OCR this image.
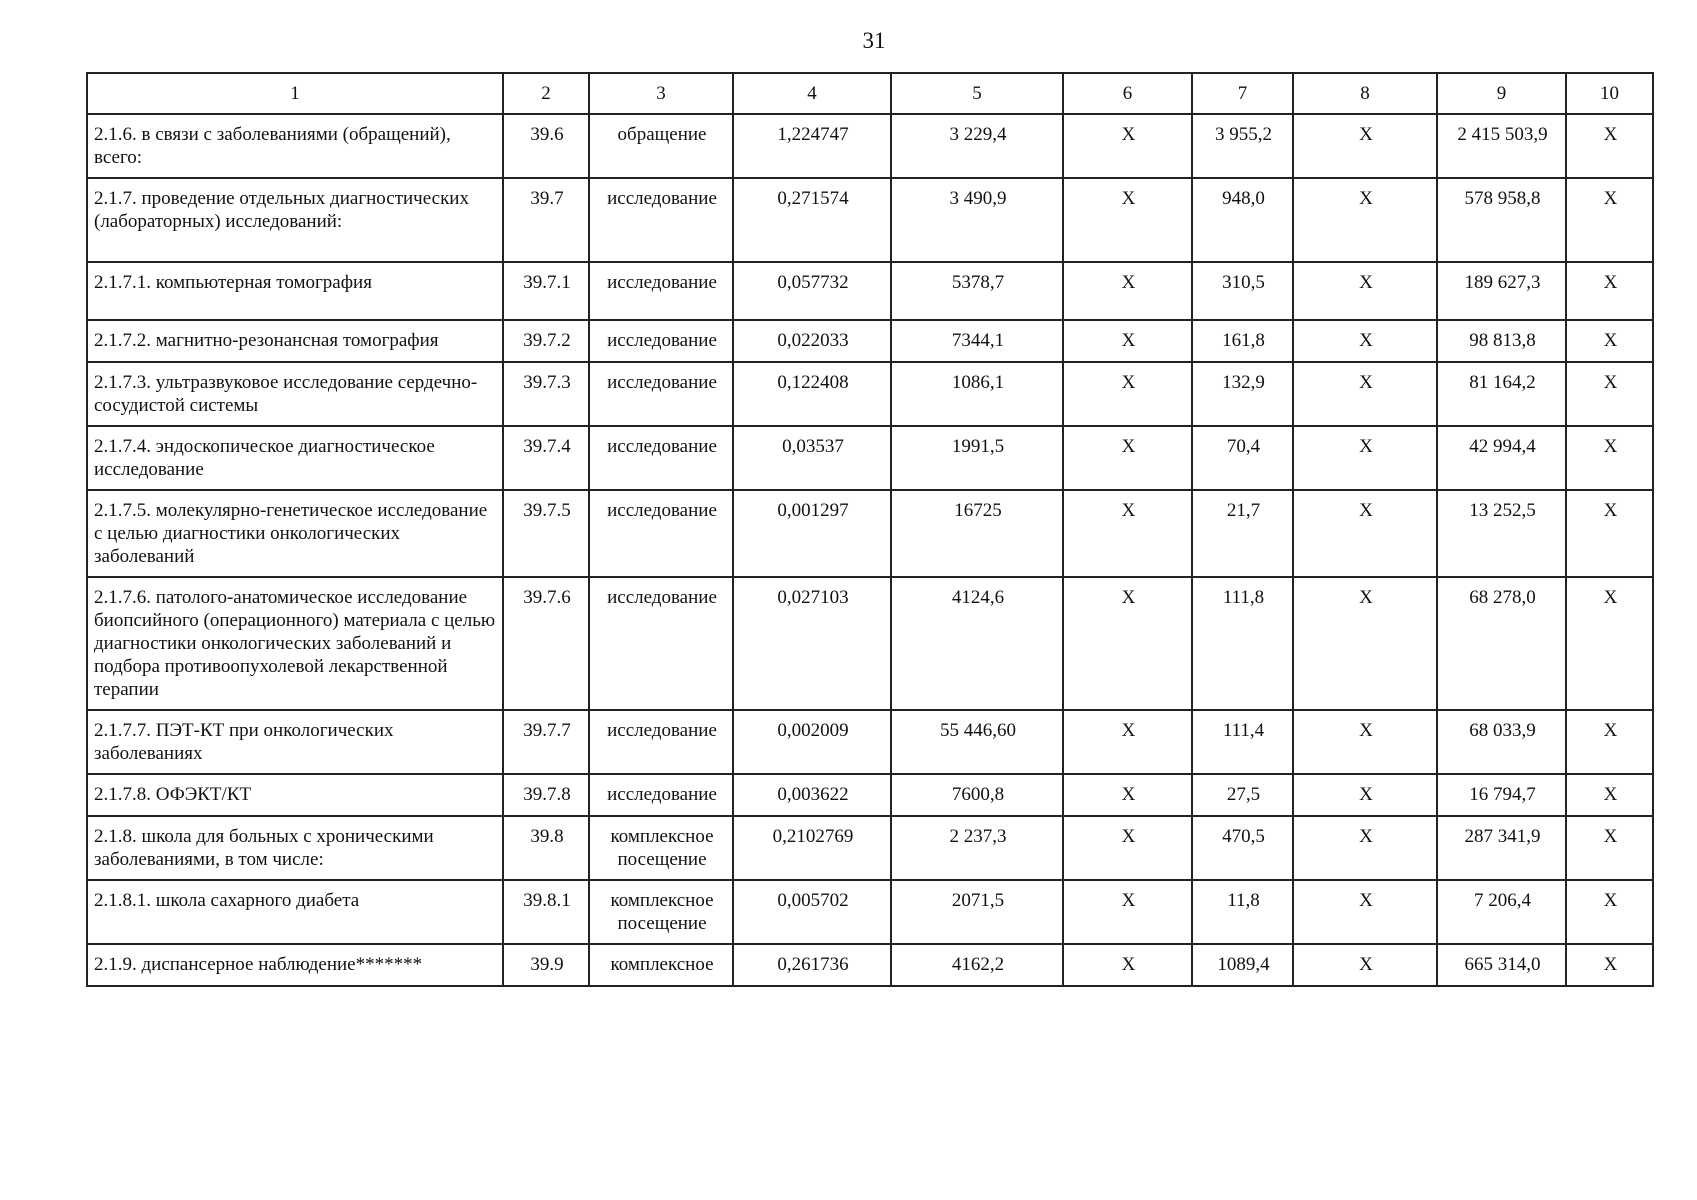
31
1	2	3	4	5	6	7	8	9	10
2.1.6. в связи с заболеваниями (обращений), всего:	39.6	обращение	1,224747	3 229,4	X	3 955,2	X	2 415 503,9	X
2.1.7. проведение отдельных диагностических (лабораторных) исследований:	39.7	исследование	0,271574	3 490,9	X	948,0	X	578 958,8	X
2.1.7.1. компьютерная томография	39.7.1	исследование	0,057732	5378,7	X	310,5	X	189 627,3	X
2.1.7.2. магнитно-резонансная томография	39.7.2	исследование	0,022033	7344,1	X	161,8	X	98 813,8	X
2.1.7.3. ультразвуковое исследование сердечно-сосудистой системы	39.7.3	исследование	0,122408	1086,1	X	132,9	X	81 164,2	X
2.1.7.4. эндоскопическое диагностическое исследование	39.7.4	исследование	0,03537	1991,5	X	70,4	X	42 994,4	X
2.1.7.5. молекулярно-генетическое исследование с целью диагностики онкологических заболеваний	39.7.5	исследование	0,001297	16725	X	21,7	X	13 252,5	X
2.1.7.6. патолого-анатомическое исследование биопсийного (операционного) материала с целью диагностики онкологических заболеваний и подбора противоопухолевой лекарственной терапии	39.7.6	исследование	0,027103	4124,6	X	111,8	X	68 278,0	X
2.1.7.7. ПЭТ-КТ при онкологических заболеваниях	39.7.7	исследование	0,002009	55 446,60	X	111,4	X	68 033,9	X
2.1.7.8. ОФЭКТ/КТ	39.7.8	исследование	0,003622	7600,8	X	27,5	X	16 794,7	X
2.1.8. школа для больных с хроническими заболеваниями, в том числе:	39.8	комплексное посещение	0,2102769	2 237,3	X	470,5	X	287 341,9	X
2.1.8.1. школа сахарного диабета	39.8.1	комплексное посещение	0,005702	2071,5	X	11,8	X	7 206,4	X
2.1.9. диспансерное наблюдение*******	39.9	комплексное	0,261736	4162,2	X	1089,4	X	665 314,0	X
